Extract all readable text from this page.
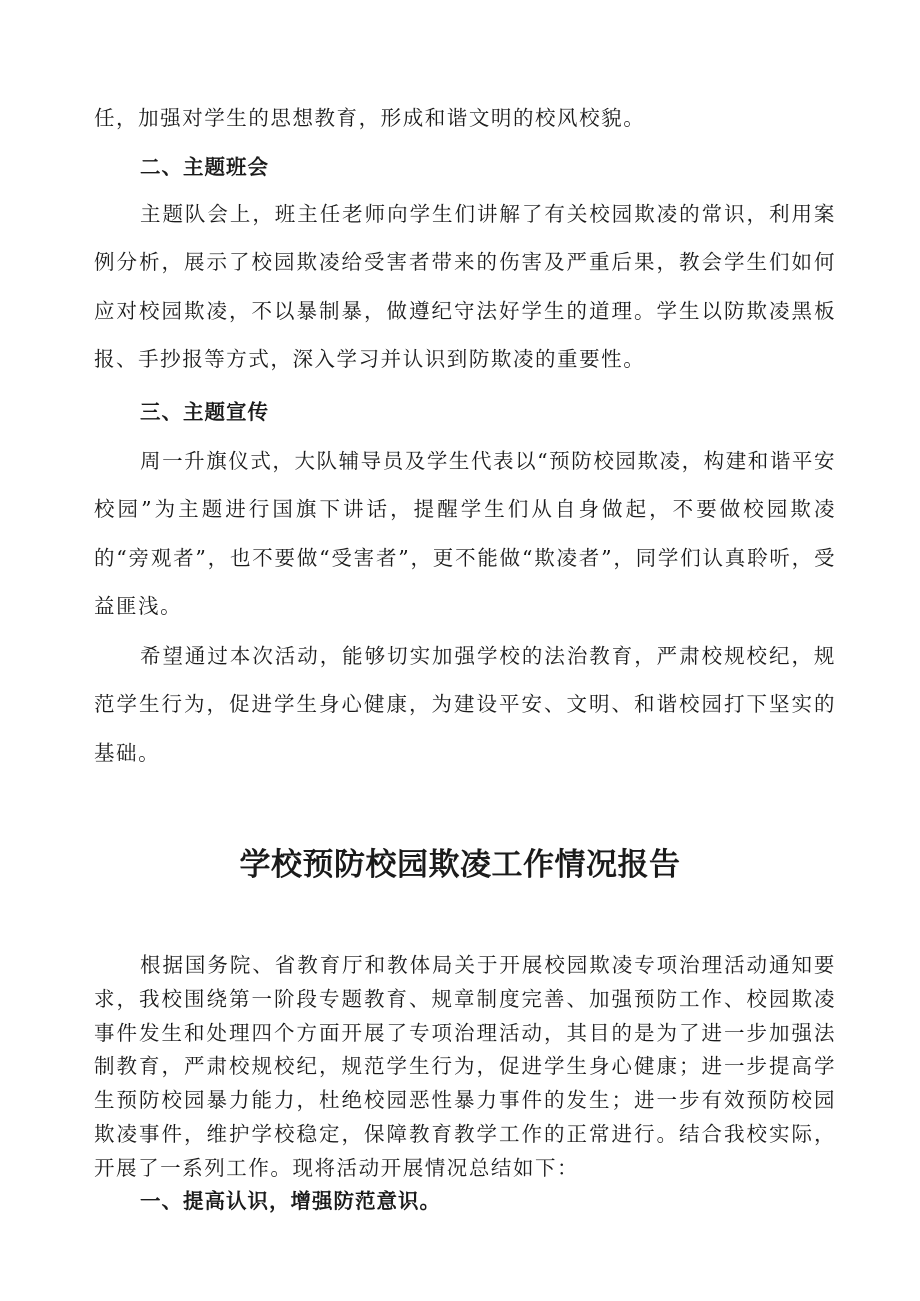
任，加强对学生的思想教育，形成和谐文明的校风校貌。

二、主题班会

主题队会上，班主任老师向学生们讲解了有关校园欺凌的常识，利用案例分析，展示了校园欺凌给受害者带来的伤害及严重后果，教会学生们如何应对校园欺凌，不以暴制暴，做遵纪守法好学生的道理。学生以防欺凌黑板报、手抄报等方式，深入学习并认识到防欺凌的重要性。

三、主题宣传

周一升旗仪式，大队辅导员及学生代表以“预防校园欺凌，构建和谐平安校园”为主题进行国旗下讲话，提醒学生们从自身做起，不要做校园欺凌的“旁观者”，也不要做“受害者”，更不能做“欺凌者”，同学们认真聆听，受益匪浅。

希望通过本次活动，能够切实加强学校的法治教育，严肃校规校纪，规范学生行为，促进学生身心健康，为建设平安、文明、和谐校园打下坚实的基础。

学校预防校园欺凌工作情况报告

根据国务院、省教育厅和教体局关于开展校园欺凌专项治理活动通知要求，我校围绕第一阶段专题教育、规章制度完善、加强预防工作、校园欺凌事件发生和处理四个方面开展了专项治理活动，其目的是为了进一步加强法制教育，严肃校规校纪，规范学生行为，促进学生身心健康；进一步提高学生预防校园暴力能力，杜绝校园恶性暴力事件的发生；进一步有效预防校园欺凌事件，维护学校稳定，保障教育教学工作的正常进行。结合我校实际，开展了一系列工作。现将活动开展情况总结如下：

一、提高认识，增强防范意识。
